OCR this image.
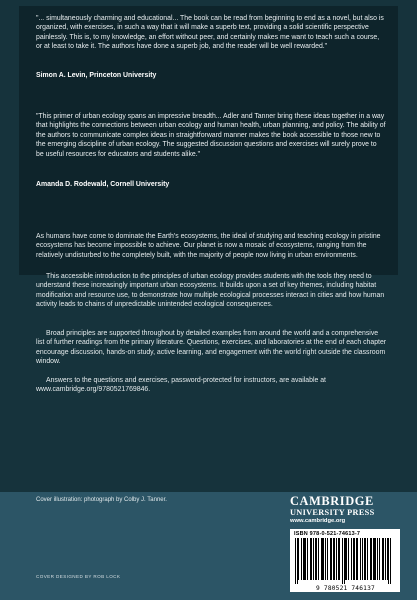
"... simultaneously charming and educational... The book can be read from beginning to end as a novel, but also is organized, with exercises, in such a way that it will make a superb text, providing a solid scientific perspective painlessly. This is, to my knowledge, an effort without peer, and certainly makes me want to teach such a course, or at least to take it. The authors have done a superb job, and the reader will be well rewarded."

Simon A. Levin, Princeton University

"This primer of urban ecology spans an impressive breadth... Adler and Tanner bring these ideas together in a way that highlights the connections between urban ecology and human health, urban planning, and policy. The ability of the authors to communicate complex ideas in straightforward manner makes the book accessible to those new to the emerging discipline of urban ecology. The suggested discussion questions and exercises will surely prove to be useful resources for educators and students alike."

Amanda D. Rodewald, Cornell University

As humans have come to dominate the Earth's ecosystems, the ideal of studying and teaching ecology in pristine ecosystems has become impossible to achieve. Our planet is now a mosaic of ecosystems, ranging from the relatively undisturbed to the completely built, with the majority of people now living in urban environments.

This accessible introduction to the principles of urban ecology provides students with the tools they need to understand these increasingly important urban ecosystems. It builds upon a set of key themes, including habitat modification and resource use, to demonstrate how multiple ecological processes interact in cities and how human activity leads to chains of unpredictable unintended ecological consequences.

Broad principles are supported throughout by detailed examples from around the world and a comprehensive list of further readings from the primary literature. Questions, exercises, and laboratories at the end of each chapter encourage discussion, hands-on study, active learning, and engagement with the world right outside the classroom window.

Answers to the questions and exercises, password-protected for instructors, are available at www.cambridge.org/9780521769846.

Cover illustration: photograph by Colby J. Tanner.
COVER DESIGNED BY ROB LOCK
CAMBRIDGE
UNIVERSITY PRESS
www.cambridge.org
ISBN 978-0-521-74613-7
9 780521 746137
